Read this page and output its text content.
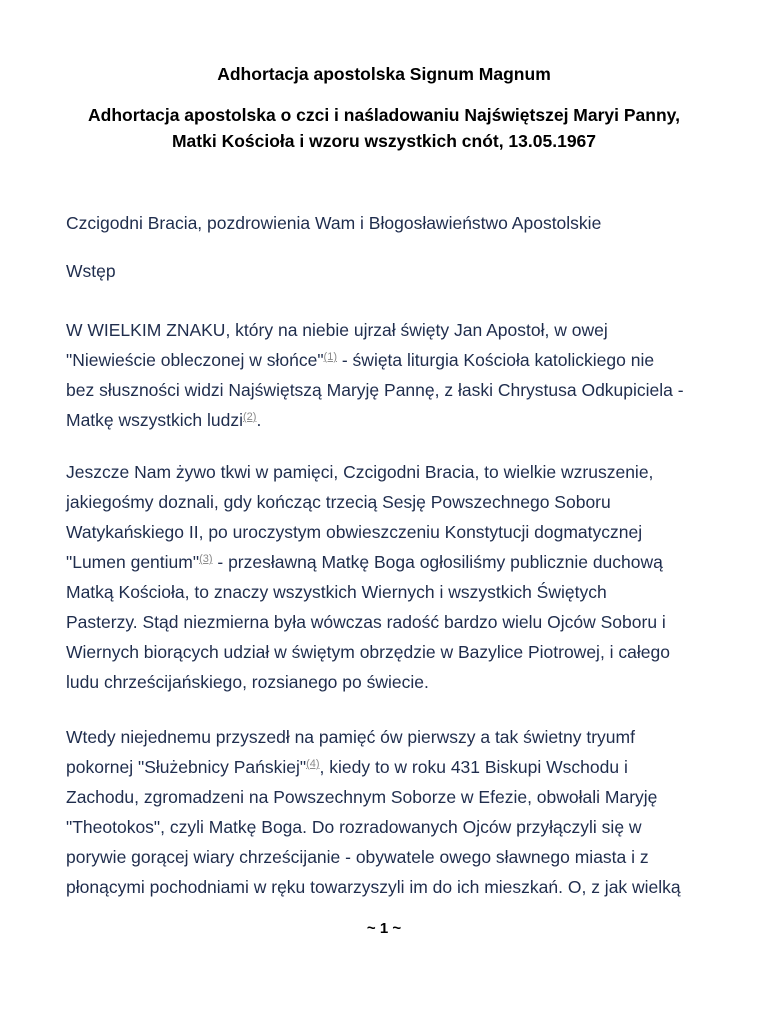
Adhortacja apostolska Signum Magnum
Adhortacja apostolska o czci i naśladowaniu Najświętszej Maryi Panny,
Matki Kościoła i wzoru wszystkich cnót, 13.05.1967

Czcigodni Bracia, pozdrowienia Wam i Błogosławieństwo Apostolskie

Wstęp

W WIELKIM ZNAKU, który na niebie ujrzał święty Jan Apostoł, w owej
"Niewieście obleczonej w słońce"$^{(1)}$ - święta liturgia Kościoła katolickiego nie
bez słuszności widzi Najświętszą Maryję Pannę, z łaski Chrystusa Odkupiciela -
Matkę wszystkich ludzi$^{(2)}$.
Jeszcze Nam żywo tkwi w pamięci, Czcigodni Bracia, to wielkie wzruszenie,
jakiegośmy doznali, gdy kończąc trzecią Sesję Powszechnego Soboru
Watykańskiego II, po uroczystym obwieszczeniu Konstytucji dogmatycznej
"Lumen gentium"$^{(3)}$ - przesławną Matkę Boga ogłosiliśmy publicznie duchową
Matką Kościoła, to znaczy wszystkich Wiernych i wszystkich Świętych
Pasterzy. Stąd niezmierna była wówczas radość bardzo wielu Ojców Soboru i
Wiernych biorących udział w świętym obrzędzie w Bazylice Piotrowej, i całego
ludu chrześcijańskiego, rozsianego po świecie.
Wtedy niejednemu przyszedł na pamięć ów pierwszy a tak świetny tryumf
pokornej "Służebnicy Pańskiej"$^{(4)}$, kiedy to w roku 431 Biskupi Wschodu i
Zachodu, zgromadzeni na Powszechnym Soborze w Efezie, obwołali Maryję
"Theotokos", czyli Matkę Boga. Do rozradowanych Ojców przyłączyli się w
porywie gorącej wiary chrześcijanie - obywatele owego sławnego miasta i z
płonącymi pochodniami w ręku towarzyszyli im do ich mieszkań. O, z jak wielką

~ 1 ~
